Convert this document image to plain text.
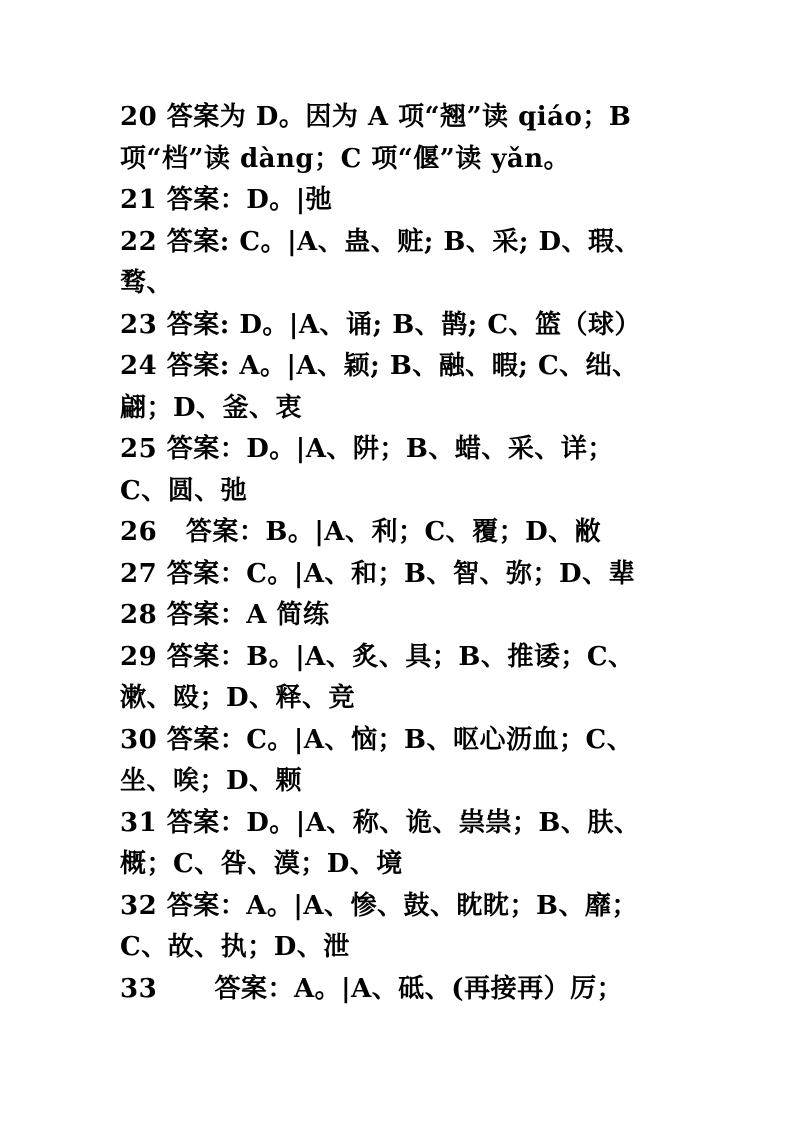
20 答案为 D。因为 A 项“翘”读 qiáo；B
项“档”读 dàng；C 项“偃”读 yǎn。
21 答案：D。|弛
22 答案: C。|A、蛊、赃; B、采; D、瑕、
骛、
23 答案: D。|A、诵; B、鹊; C、篮（球）
24 答案: A。|A、颖; B、融、暇; C、绌、
翩；D、釜、衷
25 答案：D。|A、阱；B、蜡、采、详；
C、圆、弛
26   答案：B。|A、利；C、覆；D、敝
27 答案：C。|A、和；B、智、弥；D、辈
28 答案：A 简练
29 答案：B。|A、炙、具；B、推诿；C、
漱、殴；D、释、竞
30 答案：C。|A、恼；B、呕心沥血；C、
坐、唉；D、颗
31 答案：D。|A、称、诡、祟祟；B、肤、
概；C、咎、漠；D、境
32 答案：A。|A、惨、鼓、眈眈；B、靡；
C、故、执；D、泄
33      答案：A。|A、砥、(再接再）厉；
